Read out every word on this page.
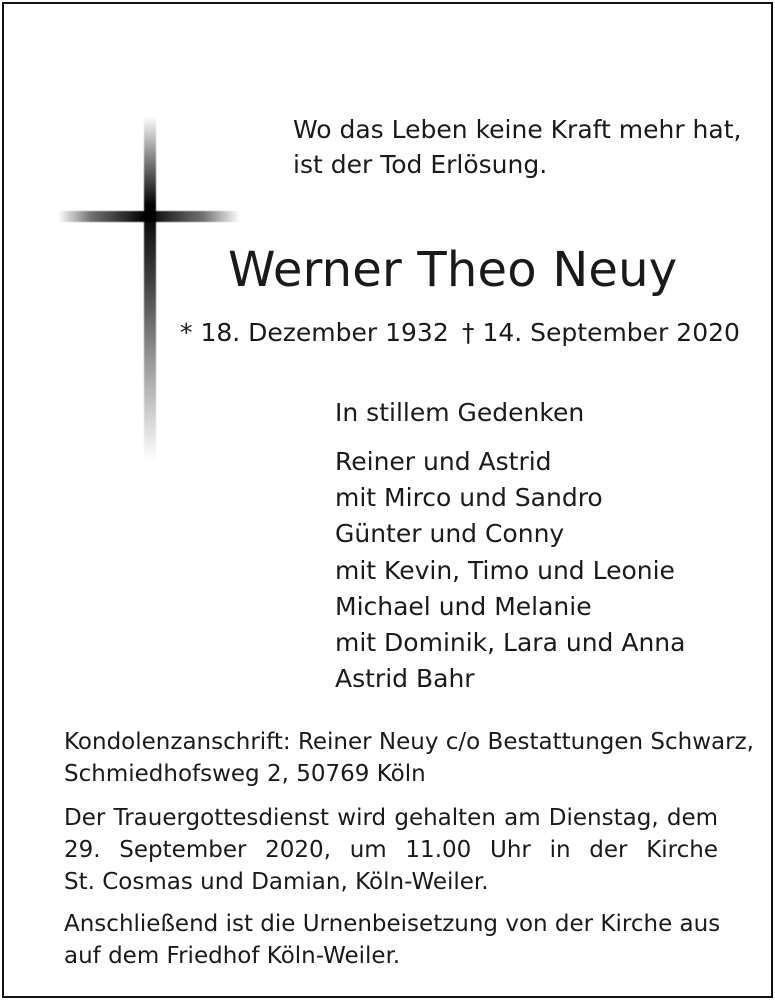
Wo das Leben keine Kraft mehr hat,
ist der Tod Erlösung.
Werner Theo Neuy
* 18. Dezember 1932 † 14. September 2020
In stillem Gedenken
Reiner und Astrid
mit Mirco und Sandro
Günter und Conny
mit Kevin, Timo und Leonie
Michael und Melanie
mit Dominik, Lara und Anna
Astrid Bahr
Kondolenzanschrift: Reiner Neuy c/o Bestattungen Schwarz,
Schmiedhofsweg 2, 50769 Köln
Der Trauergottesdienst wird gehalten am Dienstag, dem
29. September 2020, um 11.00 Uhr in der Kirche
St. Cosmas und Damian, Köln-Weiler.
Anschließend ist die Urnenbeisetzung von der Kirche aus
auf dem Friedhof Köln-Weiler.
